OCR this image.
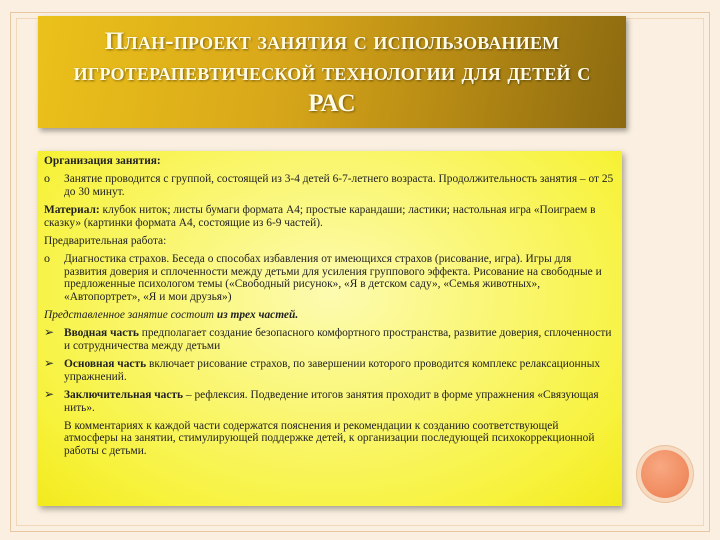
План-проект занятия с использованием игротерапевтической технологии для детей с РАС
Организация занятия:
o Занятие проводится с группой, состоящей из 3-4 детей 6-7-летнего возраста. Продолжительность занятия – от 25 до 30 минут.
Материал: клубок ниток; листы бумаги формата А4; простые карандаши; ластики; настольная игра «Поиграем в сказку» (картинки формата А4, состоящие из 6-9 частей).
Предварительная работа:
o Диагностика страхов. Беседа о способах избавления от имеющихся страхов (рисование, игра). Игры для развития доверия и сплоченности между детьми для усиления группового эффекта. Рисование на свободные и предложенные психологом темы («Свободный рисунок», «Я в детском саду», «Семья животных», «Автопортрет», «Я и мои друзья»)
Представленное занятие состоит из трех частей.
➢ Вводная часть предполагает создание безопасного комфортного пространства, развитие доверия, сплоченности и сотрудничества между детьми
➢ Основная часть включает рисование страхов, по завершении которого проводится комплекс релаксационных упражнений.
➢ Заключительная часть – рефлексия. Подведение итогов занятия проходит в форме упражнения «Связующая нить».
В комментариях к каждой части содержатся пояснения и рекомендации к созданию соответствующей атмосферы на занятии, стимулирующей поддержке детей, к организации последующей психокоррекционной работы с детьми.
